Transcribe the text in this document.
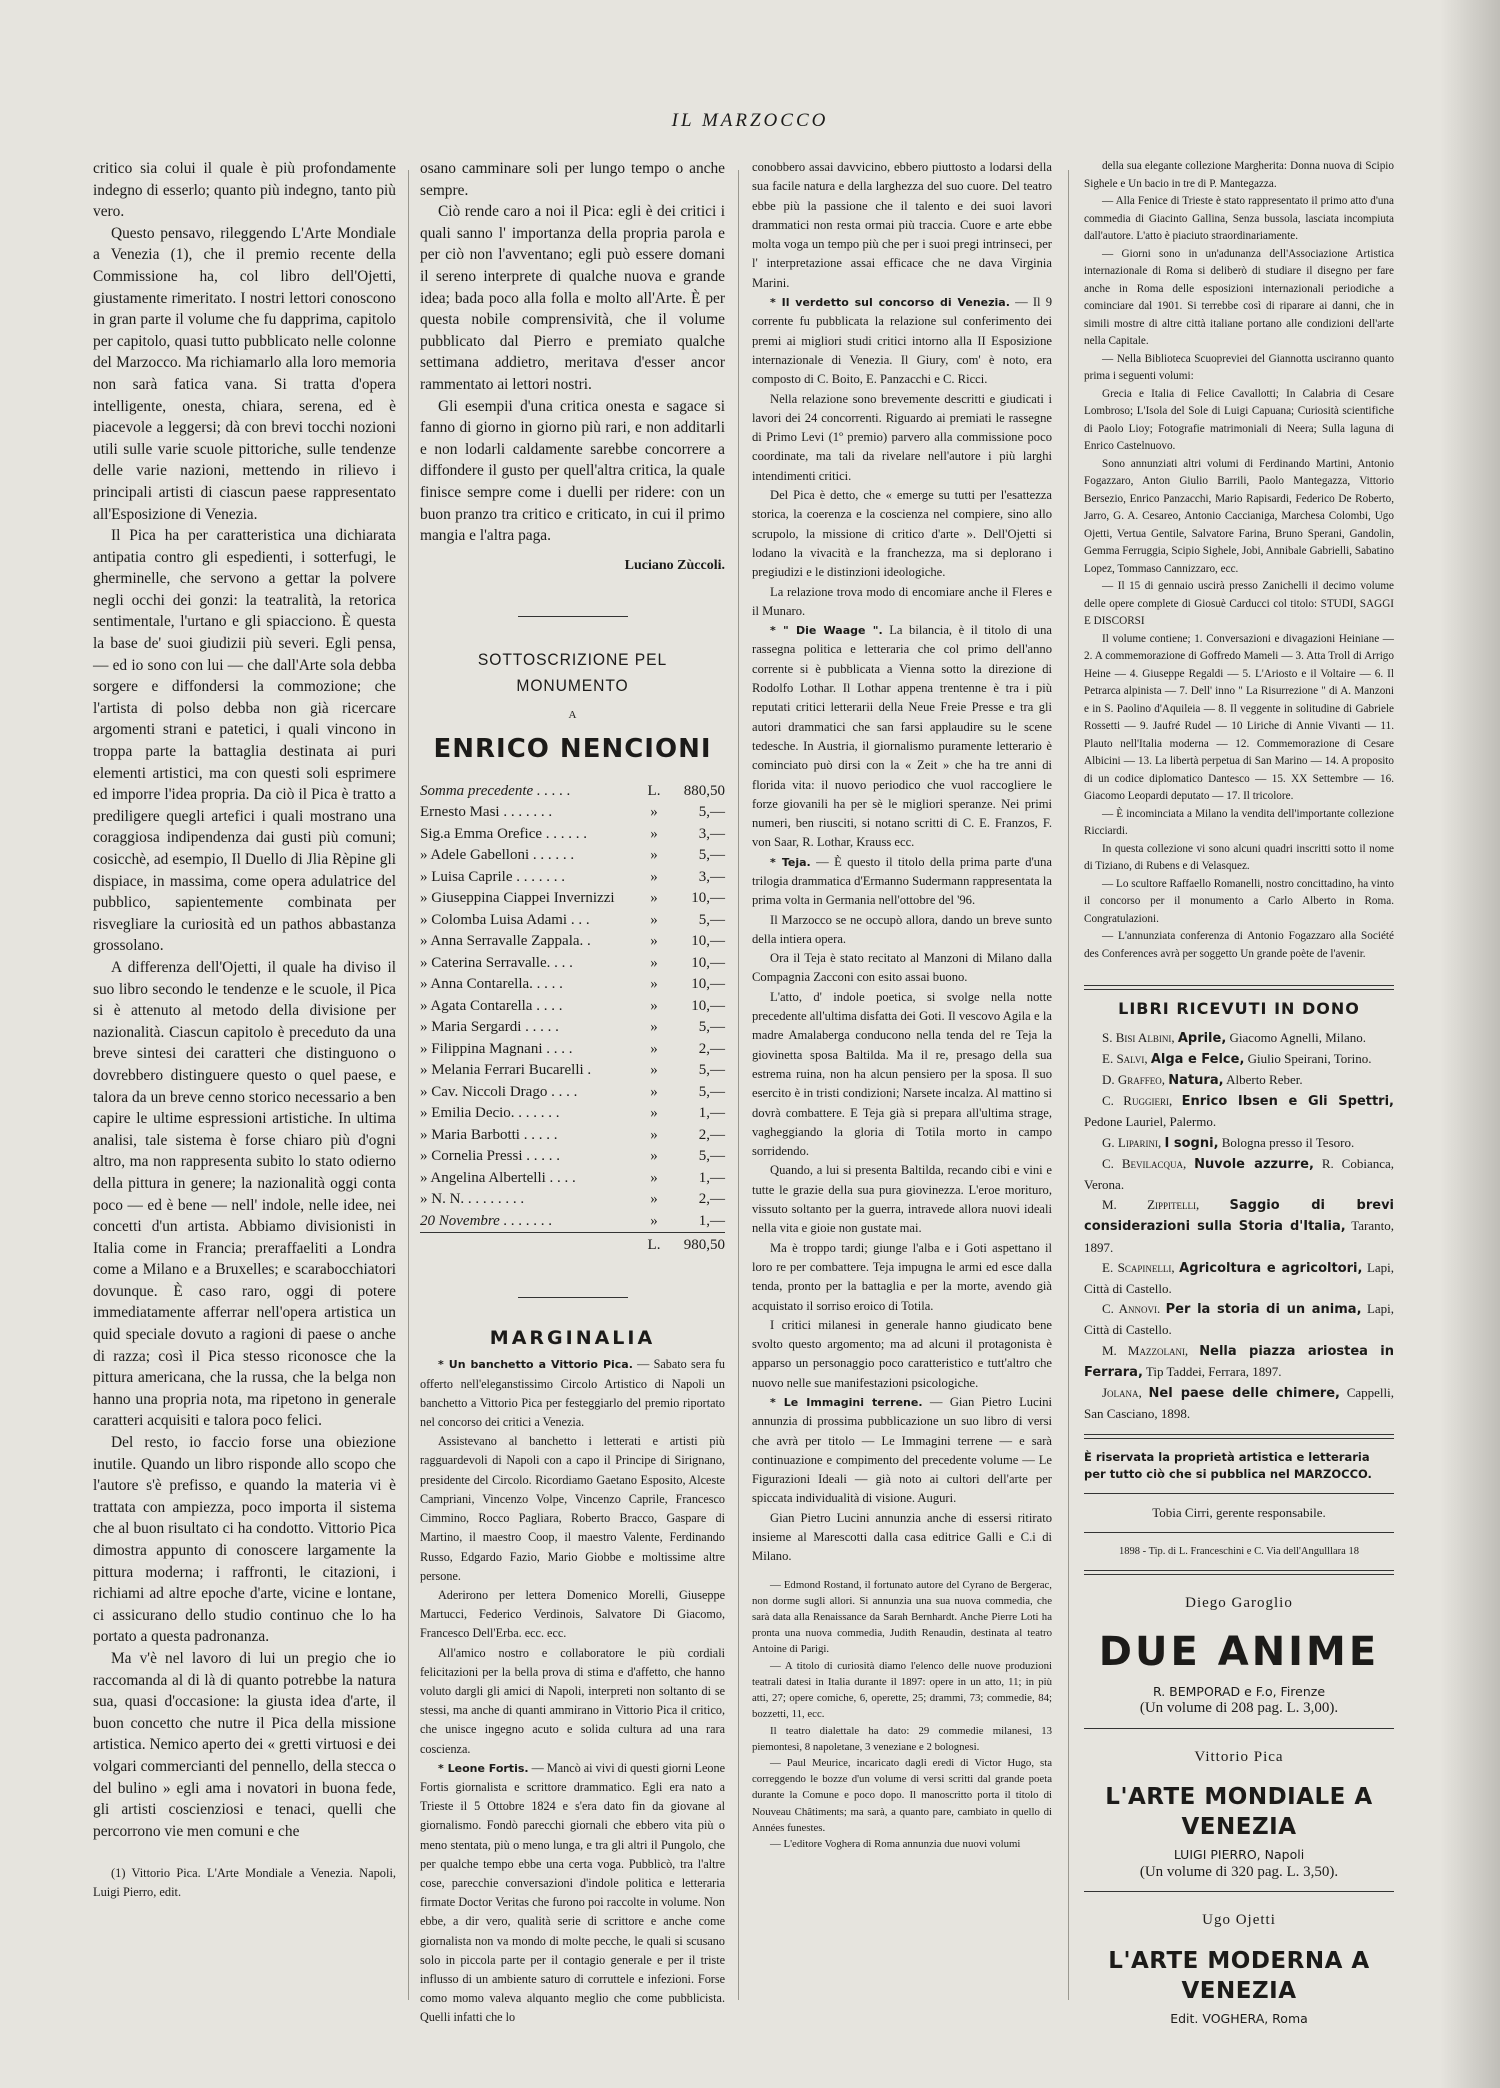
IL MARZOCCO

critico sia colui il quale è più profondamente indegno di esserlo; quanto più indegno, tanto più vero.

Questo pensavo, rileggendo L'Arte Mondiale a Venezia (1), che il premio recente della Commissione ha, col libro dell'Ojetti, giustamente rimeritato. I nostri lettori conoscono in gran parte il volume che fu dapprima, capitolo per capitolo, quasi tutto pubblicato nelle colonne del Marzocco. Ma richiamarlo alla loro memoria non sarà fatica vana. Si tratta d'opera intelligente, onesta, chiara, serena, ed è piacevole a leggersi; dà con brevi tocchi nozioni utili sulle varie scuole pittoriche, sulle tendenze delle varie nazioni, mettendo in rilievo i principali artisti di ciascun paese rappresentato all'Esposizione di Venezia.

Il Pica ha per caratteristica una dichiarata antipatia contro gli espedienti, i sotterfugi, le gherminelle, che servono a gettar la polvere negli occhi dei gonzi: la teatralità, la retorica sentimentale, l'urtano e gli spiacciono. È questa la base de' suoi giudizii più severi. Egli pensa, — ed io sono con lui — che dall'Arte sola debba sorgere e diffondersi la commozione; che l'artista di polso debba non già ricercare argomenti strani e patetici, i quali vincono in troppa parte la battaglia destinata ai puri elementi artistici, ma con questi soli esprimere ed imporre l'idea propria. Da ciò il Pica è tratto a prediligere quegli artefici i quali mostrano una coraggiosa indipendenza dai gusti più comuni; cosicchè, ad esempio, Il Duello di Jlia Rèpine gli dispiace, in massima, come opera adulatrice del pubblico, sapientemente combinata per risvegliare la curiosità ed un pathos abbastanza grossolano.

A differenza dell'Ojetti, il quale ha diviso il suo libro secondo le tendenze e le scuole, il Pica si è attenuto al metodo della divisione per nazionalità. Ciascun capitolo è preceduto da una breve sintesi dei caratteri che distinguono o dovrebbero distinguere questo o quel paese, e talora da un breve cenno storico necessario a ben capire le ultime espressioni artistiche. In ultima analisi, tale sistema è forse chiaro più d'ogni altro, ma non rappresenta subito lo stato odierno della pittura in genere; la nazionalità oggi conta poco — ed è bene — nell' indole, nelle idee, nei concetti d'un artista. Abbiamo divisionisti in Italia come in Francia; preraffaeliti a Londra come a Milano e a Bruxelles; e scarabocchiatori dovunque. È caso raro, oggi di potere immediatamente afferrar nell'opera artistica un quid speciale dovuto a ragioni di paese o anche di razza; così il Pica stesso riconosce che la pittura americana, che la russa, che la belga non hanno una propria nota, ma ripetono in generale caratteri acquisiti e talora poco felici.

Del resto, io faccio forse una obiezione inutile. Quando un libro risponde allo scopo che l'autore s'è prefisso, e quando la materia vi è trattata con ampiezza, poco importa il sistema che al buon risultato ci ha condotto. Vittorio Pica dimostra appunto di conoscere largamente la pittura moderna; i raffronti, le citazioni, i richiami ad altre epoche d'arte, vicine e lontane, ci assicurano dello studio continuo che lo ha portato a questa padronanza.

Ma v'è nel lavoro di lui un pregio che io raccomanda al di là di quanto potrebbe la natura sua, quasi d'occasione: la giusta idea d'arte, il buon concetto che nutre il Pica della missione artistica. Nemico aperto dei « gretti virtuosi e dei volgari commercianti del pennello, della stecca o del bulino » egli ama i novatori in buona fede, gli artisti coscienziosi e tenaci, quelli che percorrono vie men comuni e che

(1) Vittorio Pica. L'Arte Mondiale a Venezia. Napoli, Luigi Pierro, edit.

osano camminare soli per lungo tempo o anche sempre.

Ciò rende caro a noi il Pica: egli è dei critici i quali sanno l' importanza della propria parola e per ciò non l'avventano; egli può essere domani il sereno interprete di qualche nuova e grande idea; bada poco alla folla e molto all'Arte. È per questa nobile comprensività, che il volume pubblicato dal Pierro e premiato qualche settimana addietro, meritava d'esser ancor rammentato ai lettori nostri.

Gli esempii d'una critica onesta e sagace si fanno di giorno in giorno più rari, e non additarli e non lodarli caldamente sarebbe concorrere a diffondere il gusto per quell'altra critica, la quale finisce sempre come i duelli per ridere: con un buon pranzo tra critico e criticato, in cui il primo mangia e l'altra paga.

Luciano Zùccoli.
SOTTOSCRIZIONE PEL MONUMENTO
A
ENRICO NENCIONI
Somma precedente . . . . .	L.	880,50
Ernesto Masi . . . . . . .	»	5,—
Sig.a Emma Orefice . . . . . .	»	3,—
» Adele Gabelloni . . . . . .	»	5,—
» Luisa Caprile . . . . . . .	»	3,—
» Giuseppina Ciappei Invernizzi	»	10,—
» Colomba Luisa Adami . . .	»	5,—
» Anna Serravalle Zappala. .	»	10,—
» Caterina Serravalle. . . .	»	10,—
» Anna Contarella. . . . .	»	10,—
» Agata Contarella . . . .	»	10,—
» Maria Sergardi . . . . .	»	5,—
» Filippina Magnani . . . .	»	2,—
» Melania Ferrari Bucarelli .	»	5,—
» Cav. Niccoli Drago . . . .	»	5,—
» Emilia Decio. . . . . . .	»	1,—
» Maria Barbotti . . . . .	»	2,—
» Cornelia Pressi . . . . .	»	5,—
» Angelina Albertelli . . . .	»	1,—
» N. N. . . . . . . . .	»	2,—
20 Novembre . . . . . . .	»	1,—
	L.	980,50
MARGINALIA

* Un banchetto a Vittorio Pica. — Sabato sera fu offerto nell'eleganstissimo Circolo Artistico di Napoli un banchetto a Vittorio Pica per festeggiarlo del premio riportato nel concorso dei critici a Venezia.

Assistevano al banchetto i letterati e artisti più ragguardevoli di Napoli con a capo il Principe di Sirignano, presidente del Circolo. Ricordiamo Gaetano Esposito, Alceste Campriani, Vincenzo Volpe, Vincenzo Caprile, Francesco Cimmino, Rocco Pagliara, Roberto Bracco, Gaspare di Martino, il maestro Coop, il maestro Valente, Ferdinando Russo, Edgardo Fazio, Mario Giobbe e moltissime altre persone.

Aderirono per lettera Domenico Morelli, Giuseppe Martucci, Federico Verdinois, Salvatore Di Giacomo, Francesco Dell'Erba. ecc. ecc.

All'amico nostro e collaboratore le più cordiali felicitazioni per la bella prova di stima e d'affetto, che hanno voluto dargli gli amici di Napoli, interpreti non soltanto di se stessi, ma anche di quanti ammirano in Vittorio Pica il critico, che unisce ingegno acuto e solida cultura ad una rara coscienza.

* Leone Fortis. — Mancò ai vivi di questi giorni Leone Fortis giornalista e scrittore drammatico. Egli era nato a Trieste il 5 Ottobre 1824 e s'era dato fin da giovane al giornalismo. Fondò parecchi giornali che ebbero vita più o meno stentata, più o meno lunga, e tra gli altri il Pungolo, che per qualche tempo ebbe una certa voga. Pubblicò, tra l'altre cose, parecchie conversazioni d'indole politica e letteraria firmate Doctor Veritas che furono poi raccolte in volume. Non ebbe, a dir vero, qualità serie di scrittore e anche come giornalista non va mondo di molte pecche, le quali si scusano solo in piccola parte per il contagio generale e per il triste influsso di un ambiente saturo di corruttele e infezioni. Forse como momo valeva alquanto meglio che come pubblicista. Quelli infatti che lo

conobbero assai davvicino, ebbero piuttosto a lodarsi della sua facile natura e della larghezza del suo cuore. Del teatro ebbe più la passione che il talento e dei suoi lavori drammatici non resta ormai più traccia. Cuore e arte ebbe molta voga un tempo più che per i suoi pregi intrinseci, per l' interpretazione assai efficace che ne dava Virginia Marini.

* Il verdetto sul concorso di Venezia. — Il 9 corrente fu pubblicata la relazione sul conferimento dei premi ai migliori studi critici intorno alla II Esposizione internazionale di Venezia. Il Giury, com' è noto, era composto di C. Boito, E. Panzacchi e C. Ricci.

Nella relazione sono brevemente descritti e giudicati i lavori dei 24 concorrenti. Riguardo ai premiati le rassegne di Primo Levi (1º premio) parvero alla commissione poco coordinate, ma tali da rivelare nell'autore i più larghi intendimenti critici.

Del Pica è detto, che « emerge su tutti per l'esattezza storica, la coerenza e la coscienza nel compiere, sino allo scrupolo, la missione di critico d'arte ». Dell'Ojetti si lodano la vivacità e la franchezza, ma si deplorano i pregiudizi e le distinzioni ideologiche.

La relazione trova modo di encomiare anche il Fleres e il Munaro.

* " Die Waage ". La bilancia, è il titolo di una rassegna politica e letteraria che col primo dell'anno corrente si è pubblicata a Vienna sotto la direzione di Rodolfo Lothar. Il Lothar appena trentenne è tra i più reputati critici letterarii della Neue Freie Presse e tra gli autori drammatici che san farsi applaudire su le scene tedesche. In Austria, il giornalismo puramente letterario è cominciato può dirsi con la « Zeit » che ha tre anni di florida vita: il nuovo periodico che vuol raccogliere le forze giovanili ha per sè le migliori speranze. Nei primi numeri, ben riusciti, si notano scritti di C. E. Franzos, F. von Saar, R. Lothar, Krauss ecc.

* Teja. — È questo il titolo della prima parte d'una trilogia drammatica d'Ermanno Sudermann rappresentata la prima volta in Germania nell'ottobre del '96.

Il Marzocco se ne occupò allora, dando un breve sunto della intiera opera.

Ora il Teja è stato recitato al Manzoni di Milano dalla Compagnia Zacconi con esito assai buono.

L'atto, d' indole poetica, si svolge nella notte precedente all'ultima disfatta dei Goti. Il vescovo Agila e la madre Amalaberga conducono nella tenda del re Teja la giovinetta sposa Baltilda. Ma il re, presago della sua estrema ruina, non ha alcun pensiero per la sposa. Il suo esercito è in tristi condizioni; Narsete incalza. Al mattino si dovrà combattere. E Teja già si prepara all'ultima strage, vagheggiando la gloria di Totila morto in campo sorridendo.

Quando, a lui si presenta Baltilda, recando cibi e vini e tutte le grazie della sua pura giovinezza. L'eroe morituro, vissuto soltanto per la guerra, intravede allora nuovi ideali nella vita e gioie non gustate mai.

Ma è troppo tardi; giunge l'alba e i Goti aspettano il loro re per combattere. Teja impugna le armi ed esce dalla tenda, pronto per la battaglia e per la morte, avendo già acquistato il sorriso eroico di Totila.

I critici milanesi in generale hanno giudicato bene svolto questo argomento; ma ad alcuni il protagonista è apparso un personaggio poco caratteristico e tutt'altro che nuovo nelle sue manifestazioni psicologiche.

* Le Immagini terrene. — Gian Pietro Lucini annunzia di prossima pubblicazione un suo libro di versi che avrà per titolo — Le Immagini terrene — e sarà continuazione e compimento del precedente volume — Le Figurazioni Ideali — già noto ai cultori dell'arte per spiccata individualità di visione. Auguri.

Gian Pietro Lucini annunzia anche di essersi ritirato insieme al Marescotti dalla casa editrice Galli e C.i di Milano.

— Edmond Rostand, il fortunato autore del Cyrano de Bergerac, non dorme sugli allori. Si annunzia una sua nuova commedia, che sarà data alla Renaissance da Sarah Bernhardt. Anche Pierre Loti ha pronta una nuova commedia, Judith Renaudin, destinata al teatro Antoine di Parigi.

— A titolo di curiosità diamo l'elenco delle nuove produzioni teatrali datesi in Italia durante il 1897: opere in un atto, 11; in più atti, 27; opere comiche, 6, operette, 25; drammi, 73; commedie, 84; bozzetti, 11, ecc.

Il teatro dialettale ha dato: 29 commedie milanesi, 13 piemontesi, 8 napoletane, 3 veneziane e 2 bolognesi.

— Paul Meurice, incaricato dagli eredi di Victor Hugo, sta correggendo le bozze d'un volume di versi scritti dal grande poeta durante la Comune e poco dopo. Il manoscritto porta il titolo di Nouveau Châtiments; ma sarà, a quanto pare, cambiato in quello di Années funestes.

— L'editore Voghera di Roma annunzia due nuovi volumi

della sua elegante collezione Margherita: Donna nuova di Scipio Sighele e Un bacio in tre di P. Mantegazza.

— Alla Fenice di Trieste è stato rappresentato il primo atto d'una commedia di Giacinto Gallina, Senza bussola, lasciata incompiuta dall'autore. L'atto è piaciuto straordinariamente.

— Giorni sono in un'adunanza dell'Associazione Artistica internazionale di Roma si deliberò di studiare il disegno per fare anche in Roma delle esposizioni internazionali periodiche a cominciare dal 1901. Si terrebbe così di riparare ai danni, che in simili mostre di altre città italiane portano alle condizioni dell'arte nella Capitale.

— Nella Biblioteca Scuopreviei del Giannotta usciranno quanto prima i seguenti volumi:

Grecia e Italia di Felice Cavallotti; In Calabria di Cesare Lombroso; L'Isola del Sole di Luigi Capuana; Curiosità scientifiche di Paolo Lioy; Fotografie matrimoniali di Neera; Sulla laguna di Enrico Castelnuovo.

Sono annunziati altri volumi di Ferdinando Martini, Antonio Fogazzaro, Anton Giulio Barrili, Paolo Mantegazza, Vittorio Bersezio, Enrico Panzacchi, Mario Rapisardi, Federico De Roberto, Jarro, G. A. Cesareo, Antonio Caccianiga, Marchesa Colombi, Ugo Ojetti, Vertua Gentile, Salvatore Farina, Bruno Sperani, Gandolin, Gemma Ferruggia, Scipio Sighele, Jobi, Annibale Gabrielli, Sabatino Lopez, Tommaso Cannizzaro, ecc.

— Il 15 di gennaio uscirà presso Zanichelli il decimo volume delle opere complete di Giosuè Carducci col titolo: STUDI, SAGGI E DISCORSI

Il volume contiene; 1. Conversazioni e divagazioni Heiniane — 2. A commemorazione di Goffredo Mameli — 3. Atta Troll di Arrigo Heine — 4. Giuseppe Regaldi — 5. L'Ariosto e il Voltaire — 6. Il Petrarca alpinista — 7. Dell' inno " La Risurrezione " di A. Manzoni e in S. Paolino d'Aquileia — 8. Il veggente in solitudine di Gabriele Rossetti — 9. Jaufré Rudel — 10 Liriche di Annie Vivanti — 11. Plauto nell'Italia moderna — 12. Commemorazione di Cesare Albicini — 13. La libertà perpetua di San Marino — 14. A proposito di un codice diplomatico Dantesco — 15. XX Settembre — 16. Giacomo Leopardi deputato — 17. Il tricolore.

— È incominciata a Milano la vendita dell'importante collezione Ricciardi.

In questa collezione vi sono alcuni quadri inscritti sotto il nome di Tiziano, di Rubens e di Velasquez.

— Lo scultore Raffaello Romanelli, nostro concittadino, ha vinto il concorso per il monumento a Carlo Alberto in Roma. Congratulazioni.

— L'annunziata conferenza di Antonio Fogazzaro alla Société des Conferences avrà per soggetto Un grande poète de l'avenir.

LIBRI RICEVUTI IN DONO

S. Bisi Albini, Aprile, Giacomo Agnelli, Milano.

E. Salvi, Alga e Felce, Giulio Speirani, Torino.

D. Graffeo, Natura, Alberto Reber.

C. Ruggieri, Enrico Ibsen e Gli Spettri, Pedone Lauriel, Palermo.

G. Liparini, I sogni, Bologna presso il Tesoro.

C. Bevilacqua, Nuvole azzurre, R. Cobianca, Verona.

M. Zippitelli, Saggio di brevi considerazioni sulla Storia d'Italia, Taranto, 1897.

E. Scapinelli, Agricoltura e agricoltori, Lapi, Città di Castello.

C. Annovi. Per la storia di un anima, Lapi, Città di Castello.

M. Mazzolani, Nella piazza ariostea in Ferrara, Tip Taddei, Ferrara, 1897.

Jolana, Nel paese delle chimere, Cappelli, San Casciano, 1898.

È riservata la proprietà artistica e letteraria per tutto ciò che si pubblica nel MARZOCCO.
Tobia Cirri, gerente responsabile.
1898 - Tip. di L. Franceschini e C. Via dell'Angulllara 18
Diego Garoglio
DUE ANIME
R. BEMPORAD e F.o, Firenze
(Un volume di 208 pag. L. 3,00).
Vittorio Pica
L'ARTE MONDIALE A VENEZIA
LUIGI PIERRO, Napoli
(Un volume di 320 pag. L. 3,50).
Ugo Ojetti
L'ARTE MODERNA A VENEZIA
Edit. VOGHERA, Roma
